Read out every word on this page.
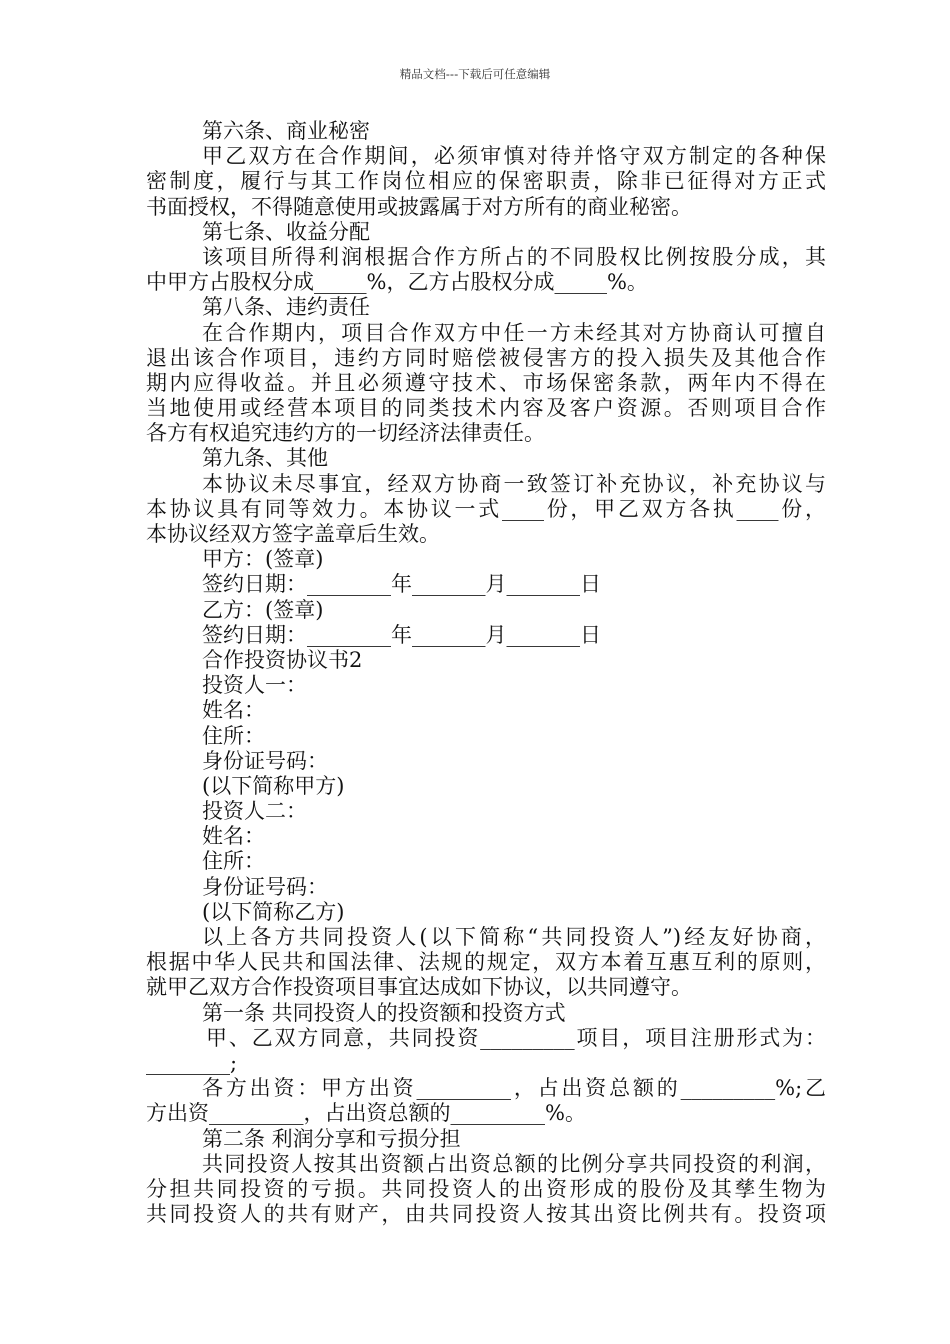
精品文档---下载后可任意编辑
第六条、商业秘密
甲乙双方在合作期间，必须审慎对待并恪守双方制定的各种保
密制度，履行与其工作岗位相应的保密职责，除非已征得对方正式
书面授权，不得随意使用或披露属于对方所有的商业秘密。
第七条、收益分配
该项目所得利润根据合作方所占的不同股权比例按股分成，其
中甲方占股权分成_____%，乙方占股权分成_____%。
第八条、违约责任
在合作期内，项目合作双方中任一方未经其对方协商认可擅自
退出该合作项目，违约方同时赔偿被侵害方的投入损失及其他合作
期内应得收益。并且必须遵守技术、市场保密条款，两年内不得在
当地使用或经营本项目的同类技术内容及客户资源。否则项目合作
各方有权追究违约方的一切经济法律责任。
第九条、其他
本协议未尽事宜，经双方协商一致签订补充协议，补充协议与
本协议具有同等效力。本协议一式____份，甲乙双方各执____份，
本协议经双方签字盖章后生效。
甲方：(签章)
签约日期：________年_______月_______日
乙方：(签章)
签约日期：________年_______月_______日
合作投资协议书2
投资人一：
姓名：
住所：
身份证号码：
(以下简称甲方)
投资人二：
姓名：
住所：
身份证号码：
(以下简称乙方)
以上各方共同投资人(以下简称“共同投资人”)经友好协商，
根据中华人民共和国法律、法规的规定，双方本着互惠互利的原则，
就甲乙双方合作投资项目事宜达成如下协议，以共同遵守。
第一条 共同投资人的投资额和投资方式
甲、乙双方同意，共同投资_________项目，项目注册形式为：
________;
各方出资：甲方出资_________，占出资总额的_________%;乙
方出资_________，占出资总额的_________%。
第二条 利润分享和亏损分担
共同投资人按其出资额占出资总额的比例分享共同投资的利润，
分担共同投资的亏损。共同投资人的出资形成的股份及其孳生物为
共同投资人的共有财产，由共同投资人按其出资比例共有。投资项
